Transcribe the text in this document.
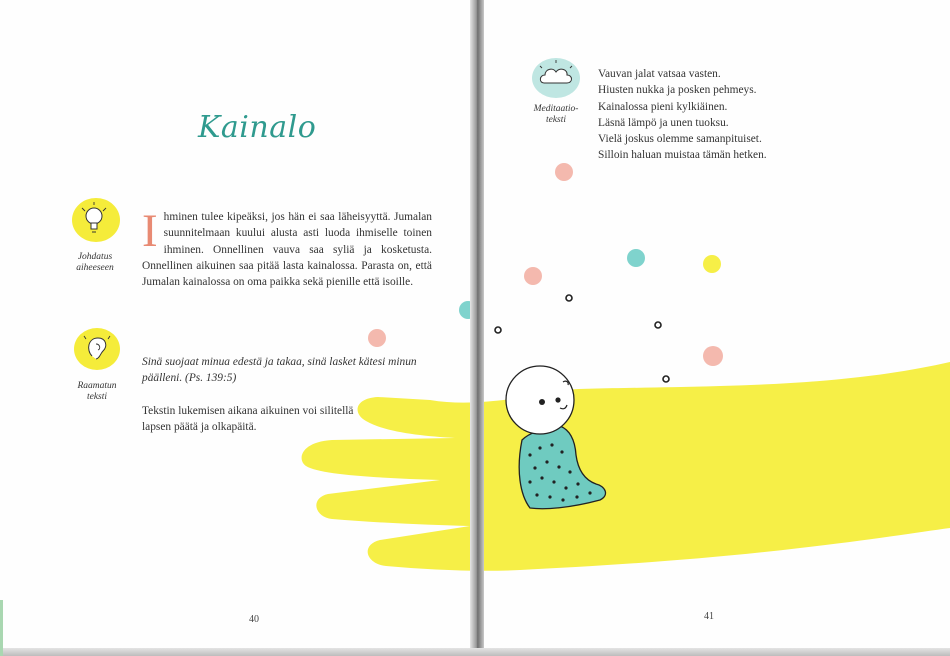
Kainalo
Johdatus
aiheeseen
Ihminen tulee kipeäksi, jos hän ei saa läheisyyttä. Jumalan suunnitelmaan kuului alusta asti luoda ihmiselle toinen ihminen. Onnellinen vauva saa syliä ja kosketusta. Onnellinen aikuinen saa pitää lasta kainalossa. Parasta on, että Jumalan kainalossa on oma paikka sekä pienille että isoille.
Raamatun
teksti
Sinä suojaat minua edestä ja takaa, sinä lasket kätesi minun päälleni. (Ps. 139:5)
Tekstin lukemisen aikana aikuinen voi silitellä lapsen päätä ja olkapäitä.
40
Meditaatio-
teksti
Vauvan jalat vatsaa vasten.
Hiusten nukka ja posken pehmeys.
Kainalossa pieni kylkiäinen.
Läsnä lämpö ja unen tuoksu.
Vielä joskus olemme samanpituiset.
Silloin haluan muistaa tämän hetken.
41
